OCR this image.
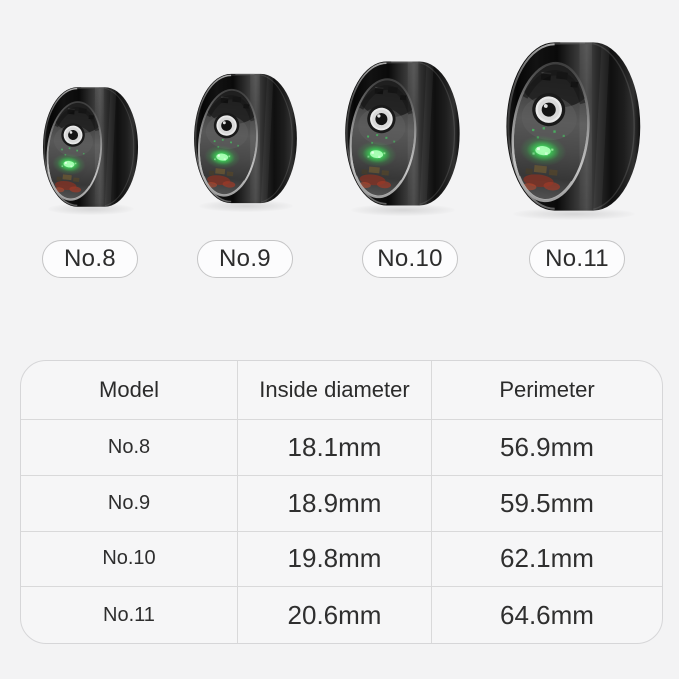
No.8	No.9	No.10	No.11
Model	Inside diameter	Perimeter
No.8	18.1mm	56.9mm
No.9	18.9mm	59.5mm
No.10	19.8mm	62.1mm
No.11	20.6mm	64.6mm
